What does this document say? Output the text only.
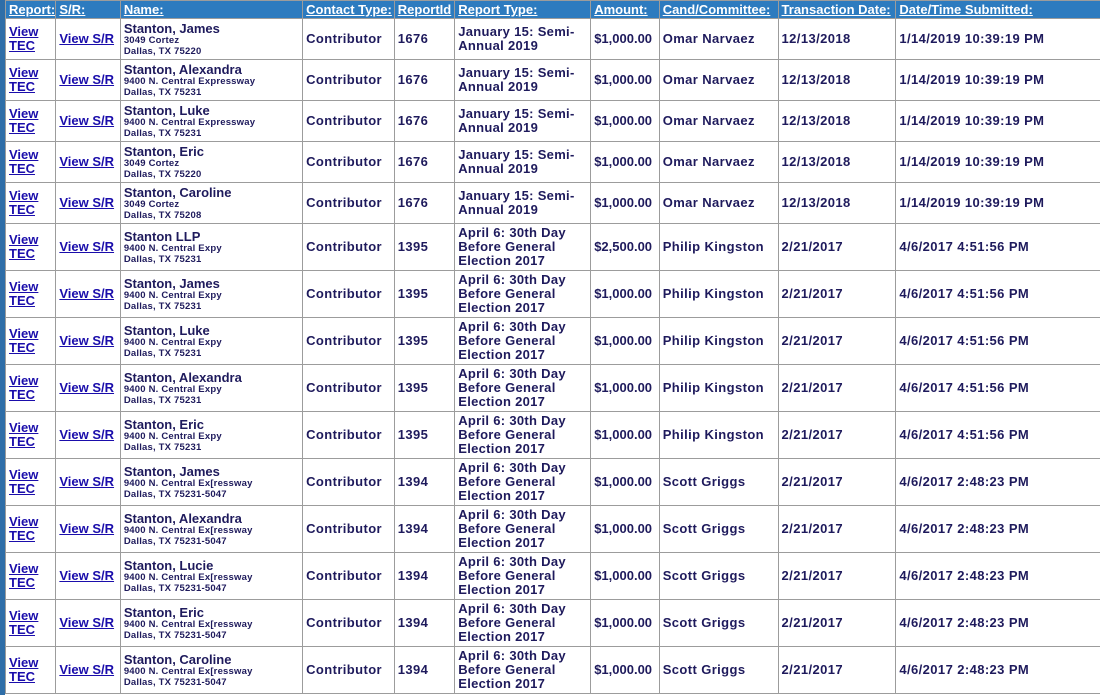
Report:	S/R:	Name:	Contact Type:	ReportId	Report Type:	Amount:	Cand/Committee:	Transaction Date:	Date/Time Submitted:

View TEC	View S/R	Stanton, James
3049 Cortez
Dallas, TX 75220	Contributor	1676	January 15: Semi-Annual 2019	$1,000.00	Omar Narvaez	12/13/2018	1/14/2019 10:39:19 PM

View TEC	View S/R	Stanton, Alexandra
9400 N. Central Expressway
Dallas, TX 75231	Contributor	1676	January 15: Semi-Annual 2019	$1,000.00	Omar Narvaez	12/13/2018	1/14/2019 10:39:19 PM

View TEC	View S/R	Stanton, Luke
9400 N. Central Expressway
Dallas, TX 75231	Contributor	1676	January 15: Semi-Annual 2019	$1,000.00	Omar Narvaez	12/13/2018	1/14/2019 10:39:19 PM

View TEC	View S/R	Stanton, Eric
3049 Cortez
Dallas, TX 75220	Contributor	1676	January 15: Semi-Annual 2019	$1,000.00	Omar Narvaez	12/13/2018	1/14/2019 10:39:19 PM

View TEC	View S/R	Stanton, Caroline
3049 Cortez
Dallas, TX 75208	Contributor	1676	January 15: Semi-Annual 2019	$1,000.00	Omar Narvaez	12/13/2018	1/14/2019 10:39:19 PM

View TEC	View S/R	Stanton LLP
9400 N. Central Expy
Dallas, TX 75231	Contributor	1395	April 6: 30th Day Before General Election 2017	$2,500.00	Philip Kingston	2/21/2017	4/6/2017 4:51:56 PM

View TEC	View S/R	Stanton, James
9400 N. Central Expy
Dallas, TX 75231	Contributor	1395	April 6: 30th Day Before General Election 2017	$1,000.00	Philip Kingston	2/21/2017	4/6/2017 4:51:56 PM

View TEC	View S/R	Stanton, Luke
9400 N. Central Expy
Dallas, TX 75231	Contributor	1395	April 6: 30th Day Before General Election 2017	$1,000.00	Philip Kingston	2/21/2017	4/6/2017 4:51:56 PM

View TEC	View S/R	Stanton, Alexandra
9400 N. Central Expy
Dallas, TX 75231	Contributor	1395	April 6: 30th Day Before General Election 2017	$1,000.00	Philip Kingston	2/21/2017	4/6/2017 4:51:56 PM

View TEC	View S/R	Stanton, Eric
9400 N. Central Expy
Dallas, TX 75231	Contributor	1395	April 6: 30th Day Before General Election 2017	$1,000.00	Philip Kingston	2/21/2017	4/6/2017 4:51:56 PM

View TEC	View S/R	Stanton, James
9400 N. Central Ex[ressway
Dallas, TX 75231-5047	Contributor	1394	April 6: 30th Day Before General Election 2017	$1,000.00	Scott Griggs	2/21/2017	4/6/2017 2:48:23 PM

View TEC	View S/R	Stanton, Alexandra
9400 N. Central Ex[ressway
Dallas, TX 75231-5047	Contributor	1394	April 6: 30th Day Before General Election 2017	$1,000.00	Scott Griggs	2/21/2017	4/6/2017 2:48:23 PM

View TEC	View S/R	Stanton, Lucie
9400 N. Central Ex[ressway
Dallas, TX 75231-5047	Contributor	1394	April 6: 30th Day Before General Election 2017	$1,000.00	Scott Griggs	2/21/2017	4/6/2017 2:48:23 PM

View TEC	View S/R	Stanton, Eric
9400 N. Central Ex[ressway
Dallas, TX 75231-5047	Contributor	1394	April 6: 30th Day Before General Election 2017	$1,000.00	Scott Griggs	2/21/2017	4/6/2017 2:48:23 PM

View TEC	View S/R	Stanton, Caroline
9400 N. Central Ex[ressway
Dallas, TX 75231-5047	Contributor	1394	April 6: 30th Day Before General Election 2017	$1,000.00	Scott Griggs	2/21/2017	4/6/2017 2:48:23 PM
